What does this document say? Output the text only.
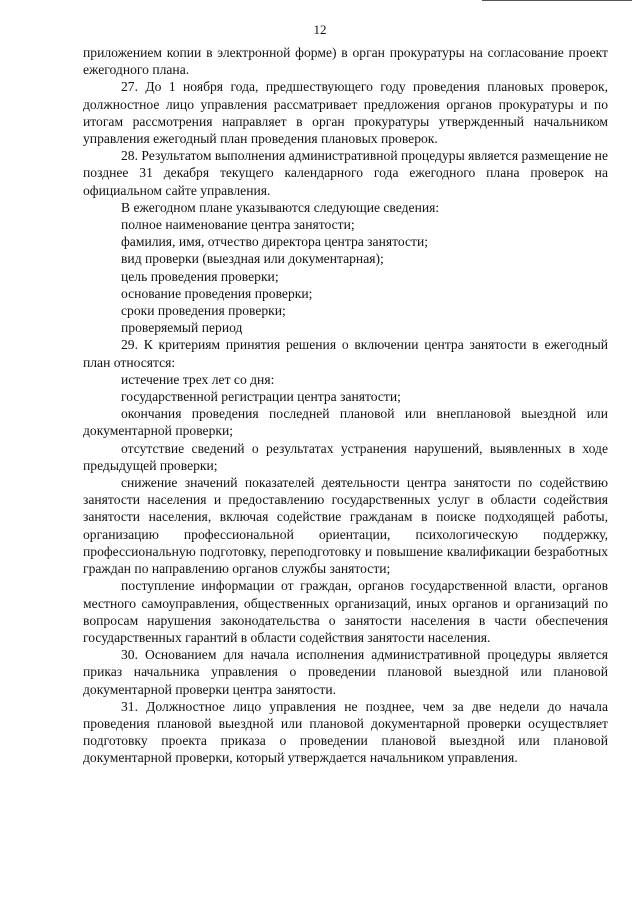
12

приложением копии в электронной форме) в орган прокуратуры на согласование проект ежегодного плана.

27. До 1 ноября года, предшествующего году проведения плановых проверок, должностное лицо управления рассматривает предложения органов прокуратуры и по итогам рассмотрения направляет в орган прокуратуры утвержденный начальником управления ежегодный план проведения плановых проверок.

28. Результатом выполнения административной процедуры является размещение не позднее 31 декабря текущего календарного года ежегодного плана проверок на официальном сайте управления.

В ежегодном плане указываются следующие сведения:

полное наименование центра занятости;

фамилия, имя, отчество директора центра занятости;

вид проверки (выездная или документарная);

цель проведения проверки;

основание проведения проверки;

сроки проведения проверки;

проверяемый период

29. К критериям принятия решения о включении центра занятости в ежегодный план относятся:

истечение трех лет со дня:

государственной регистрации центра занятости;

окончания проведения последней плановой или внеплановой выездной или документарной проверки;

отсутствие сведений о результатах устранения нарушений, выявленных в ходе предыдущей проверки;

снижение значений показателей деятельности центра занятости по содействию занятости населения и предоставлению государственных услуг в области содействия занятости населения, включая содействие гражданам в поиске подходящей работы, организацию профессиональной ориентации, психологическую поддержку, профессиональную подготовку, переподготовку и повышение квалификации безработных граждан по направлению органов службы занятости;

поступление информации от граждан, органов государственной власти, органов местного самоуправления, общественных организаций, иных органов и организаций по вопросам нарушения законодательства о занятости населения в части обеспечения государственных гарантий в области содействия занятости населения.

30. Основанием для начала исполнения административной процедуры является приказ начальника управления о проведении плановой выездной или плановой документарной проверки центра занятости.

31. Должностное лицо управления не позднее, чем за две недели до начала проведения плановой выездной или плановой документарной проверки осуществляет подготовку проекта приказа о проведении плановой выездной или плановой документарной проверки, который утверждается начальником управления.
